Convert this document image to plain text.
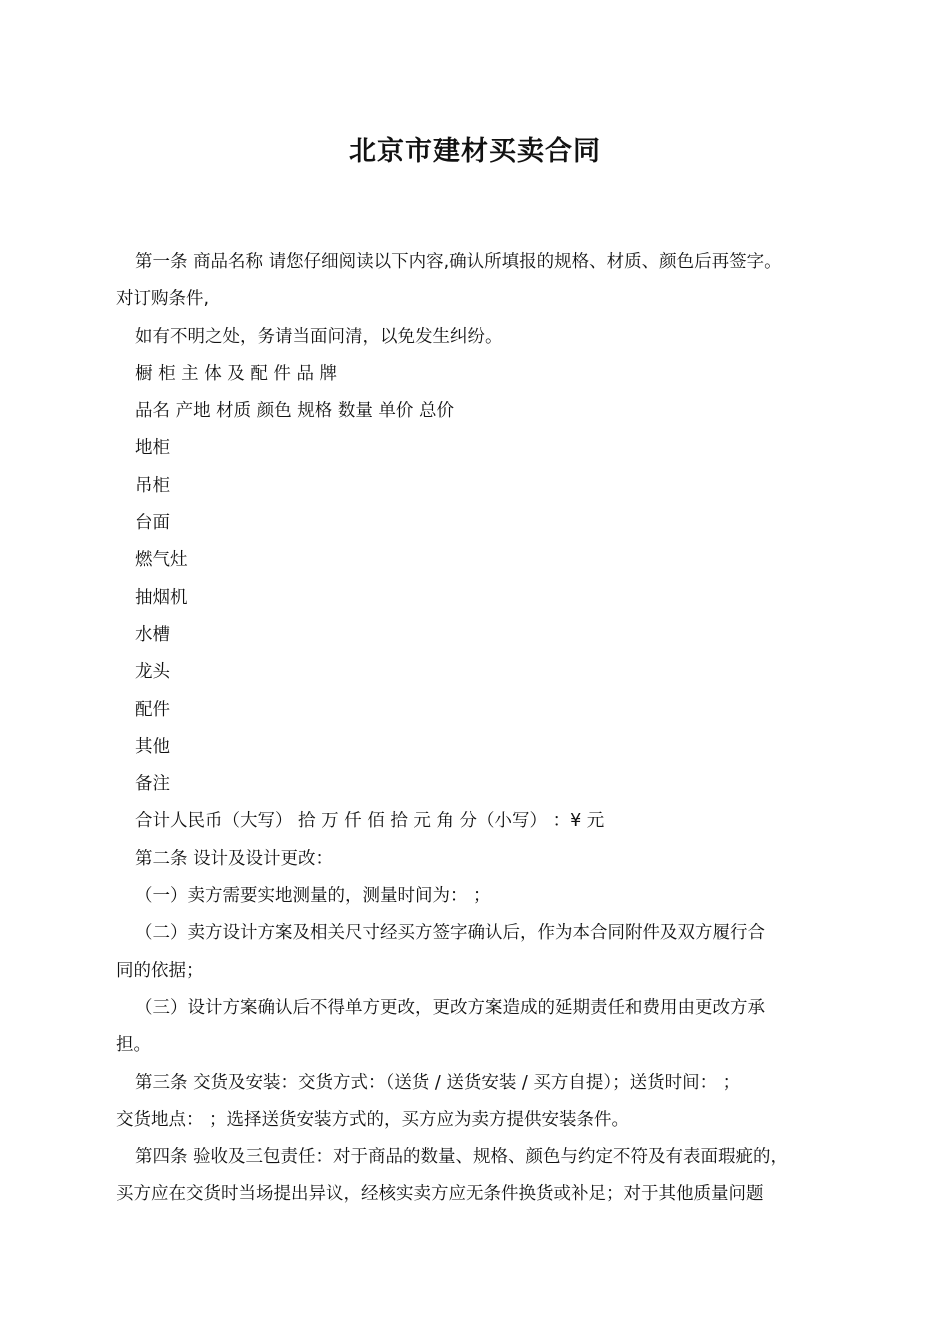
北京市建材买卖合同

第一条 商品名称 请您仔细阅读以下内容,确认所填报的规格、材质、颜色后再签字。

对订购条件,

如有不明之处，务请当面问清，以免发生纠纷。

橱 柜 主 体 及 配 件 品 牌

品名 产地 材质 颜色 规格 数量 单价 总价

地柜

吊柜

台面

燃气灶

抽烟机

水槽

龙头

配件

其他

备注

合计人民币（大写） 拾 万 仟 佰 拾 元 角 分（小写） ：¥ 元

第二条 设计及设计更改：

（一）卖方需要实地测量的，测量时间为： ；

（二）卖方设计方案及相关尺寸经买方签字确认后，作为本合同附件及双方履行合

同的依据；

（三）设计方案确认后不得单方更改，更改方案造成的延期责任和费用由更改方承

担。

第三条 交货及安装：交货方式：（送货 / 送货安装 / 买方自提）；送货时间： ；

交货地点： ；选择送货安装方式的，买方应为卖方提供安装条件。

第四条 验收及三包责任：对于商品的数量、规格、颜色与约定不符及有表面瑕疵的，

买方应在交货时当场提出异议，经核实卖方应无条件换货或补足；对于其他质量问题
